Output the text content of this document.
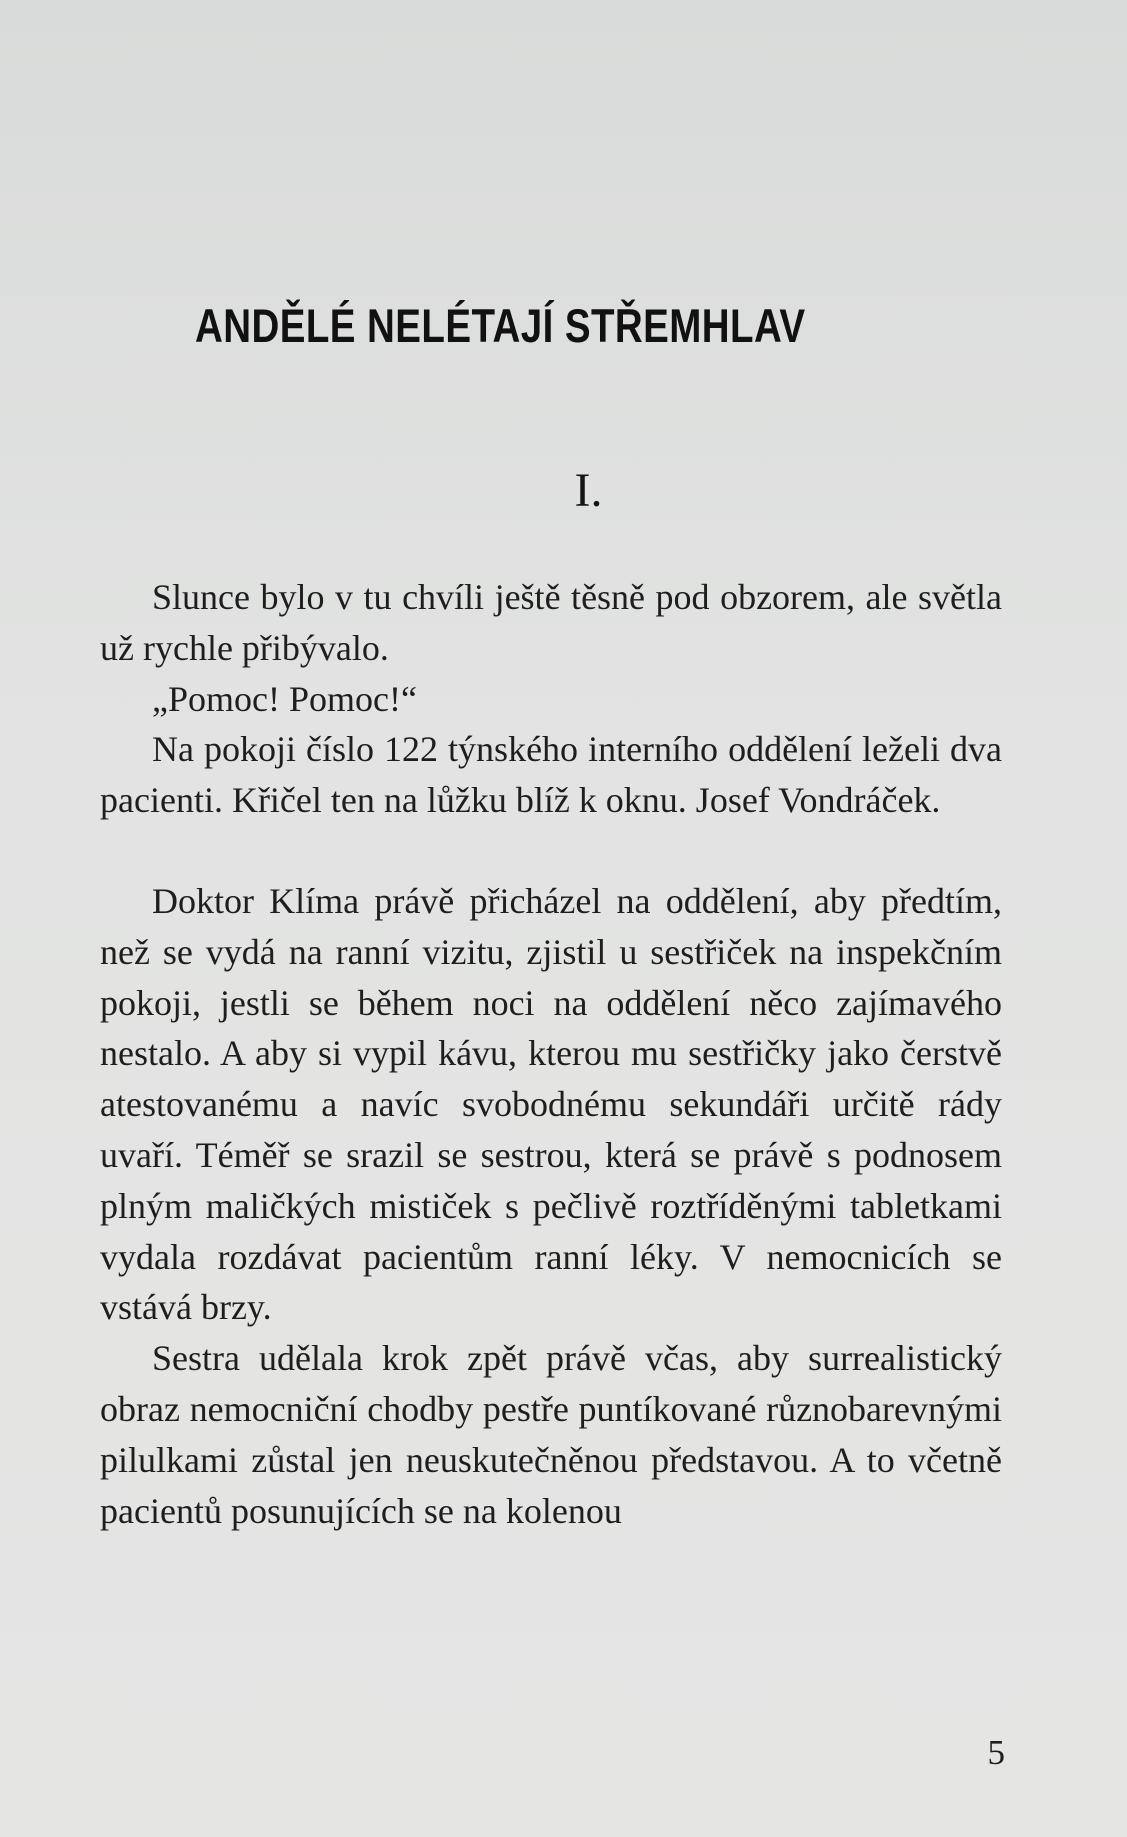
ANDĚLÉ NELÉTAJÍ STŘEMHLAV
I.

Slunce bylo v tu chvíli ještě těsně pod obzorem, ale světla už rychle přibývalo.

„Pomoc! Pomoc!“

Na pokoji číslo 122 týnského interního oddělení leželi dva pacienti. Křičel ten na lůžku blíž k oknu. Josef Vondráček.

Doktor Klíma právě přicházel na oddělení, aby předtím, než se vydá na ranní vizitu, zjistil u sestřiček na inspekčním pokoji, jestli se během noci na oddělení něco zajímavého nestalo. A aby si vypil kávu, kterou mu sestřičky jako čerstvě atestovanému a navíc svobodnému sekundáři určitě rády uvaří. Téměř se srazil se sestrou, která se právě s podnosem plným maličkých mističek s pečlivě roztříděnými tabletkami vydala rozdávat pacientům ranní léky. V nemocnicích se vstává brzy.

Sestra udělala krok zpět právě včas, aby surrealistický obraz nemocniční chodby pestře puntíkované různobarevnými pilulkami zůstal jen neuskutečněnou představou. A to včetně pacientů posunujících se na kolenou

5
